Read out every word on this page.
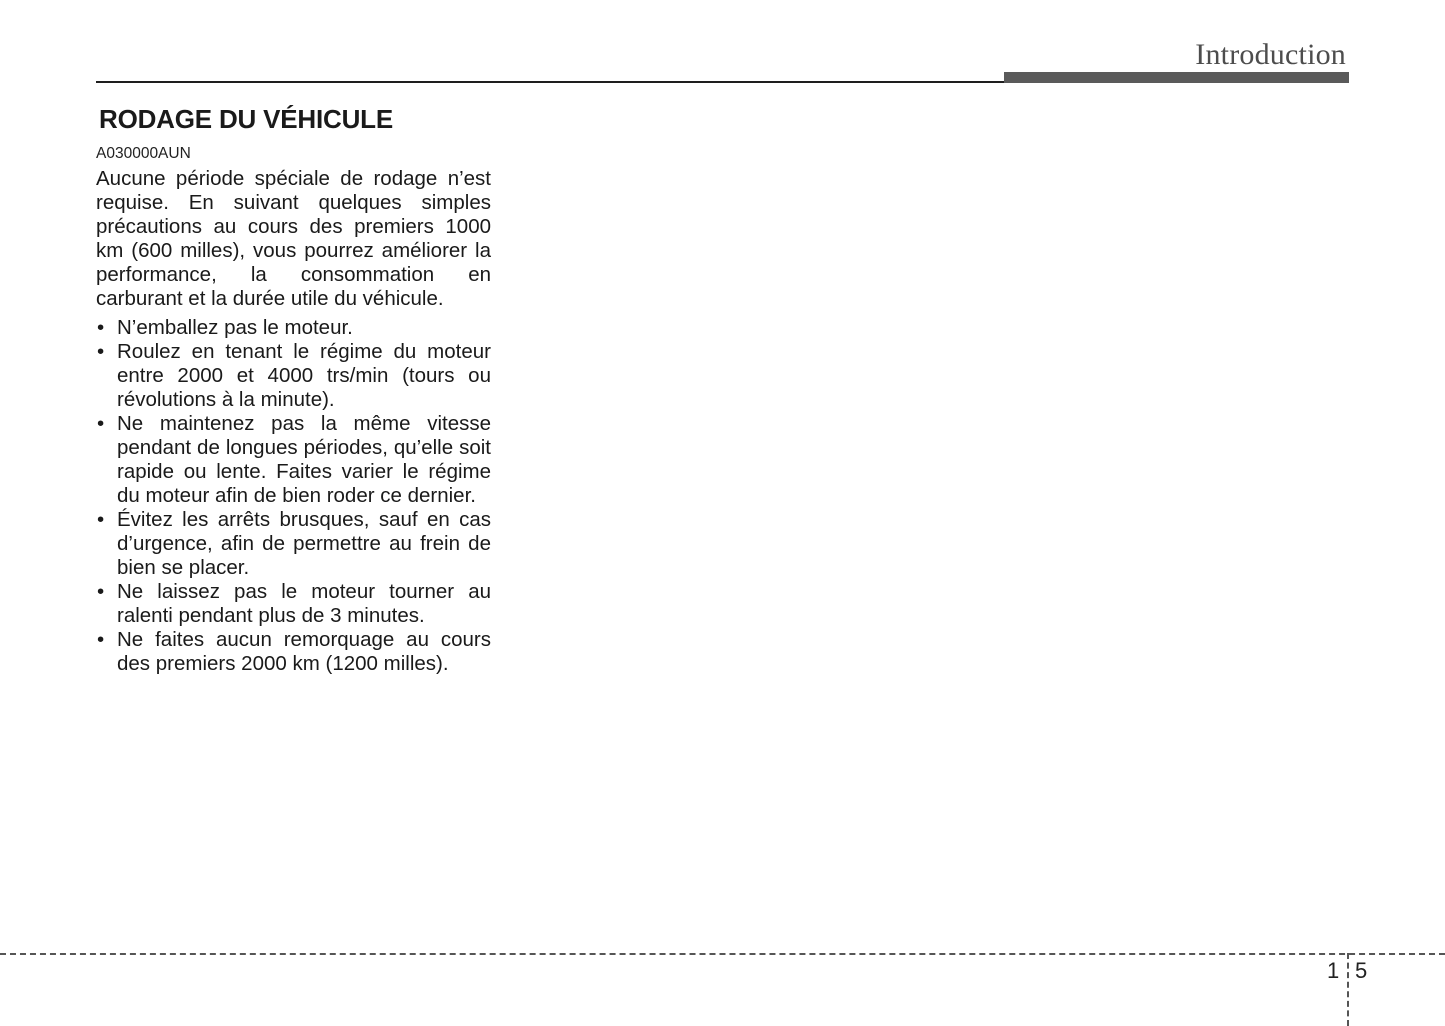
Introduction
RODAGE DU VÉHICULE
A030000AUN

Aucune période spéciale de rodage n’est requise. En suivant quelques simples précautions au cours des premiers 1000 km (600 milles), vous pourrez améliorer la performance, la consommation en carburant et la durée utile du véhicule.

• N’emballez pas le moteur.
• Roulez en tenant le régime du moteur entre 2000 et 4000 trs/min (tours ou révolutions à la minute).
• Ne maintenez pas la même vitesse pendant de longues périodes, qu’elle soit rapide ou lente. Faites varier le régime du moteur afin de bien roder ce dernier.
• Évitez les arrêts brusques, sauf en cas d’urgence, afin de permettre au frein de bien se placer.
• Ne laissez pas le moteur tourner au ralenti pendant plus de 3 minutes.
• Ne faites aucun remorquage au cours des premiers 2000 km (1200 milles).
1 5
